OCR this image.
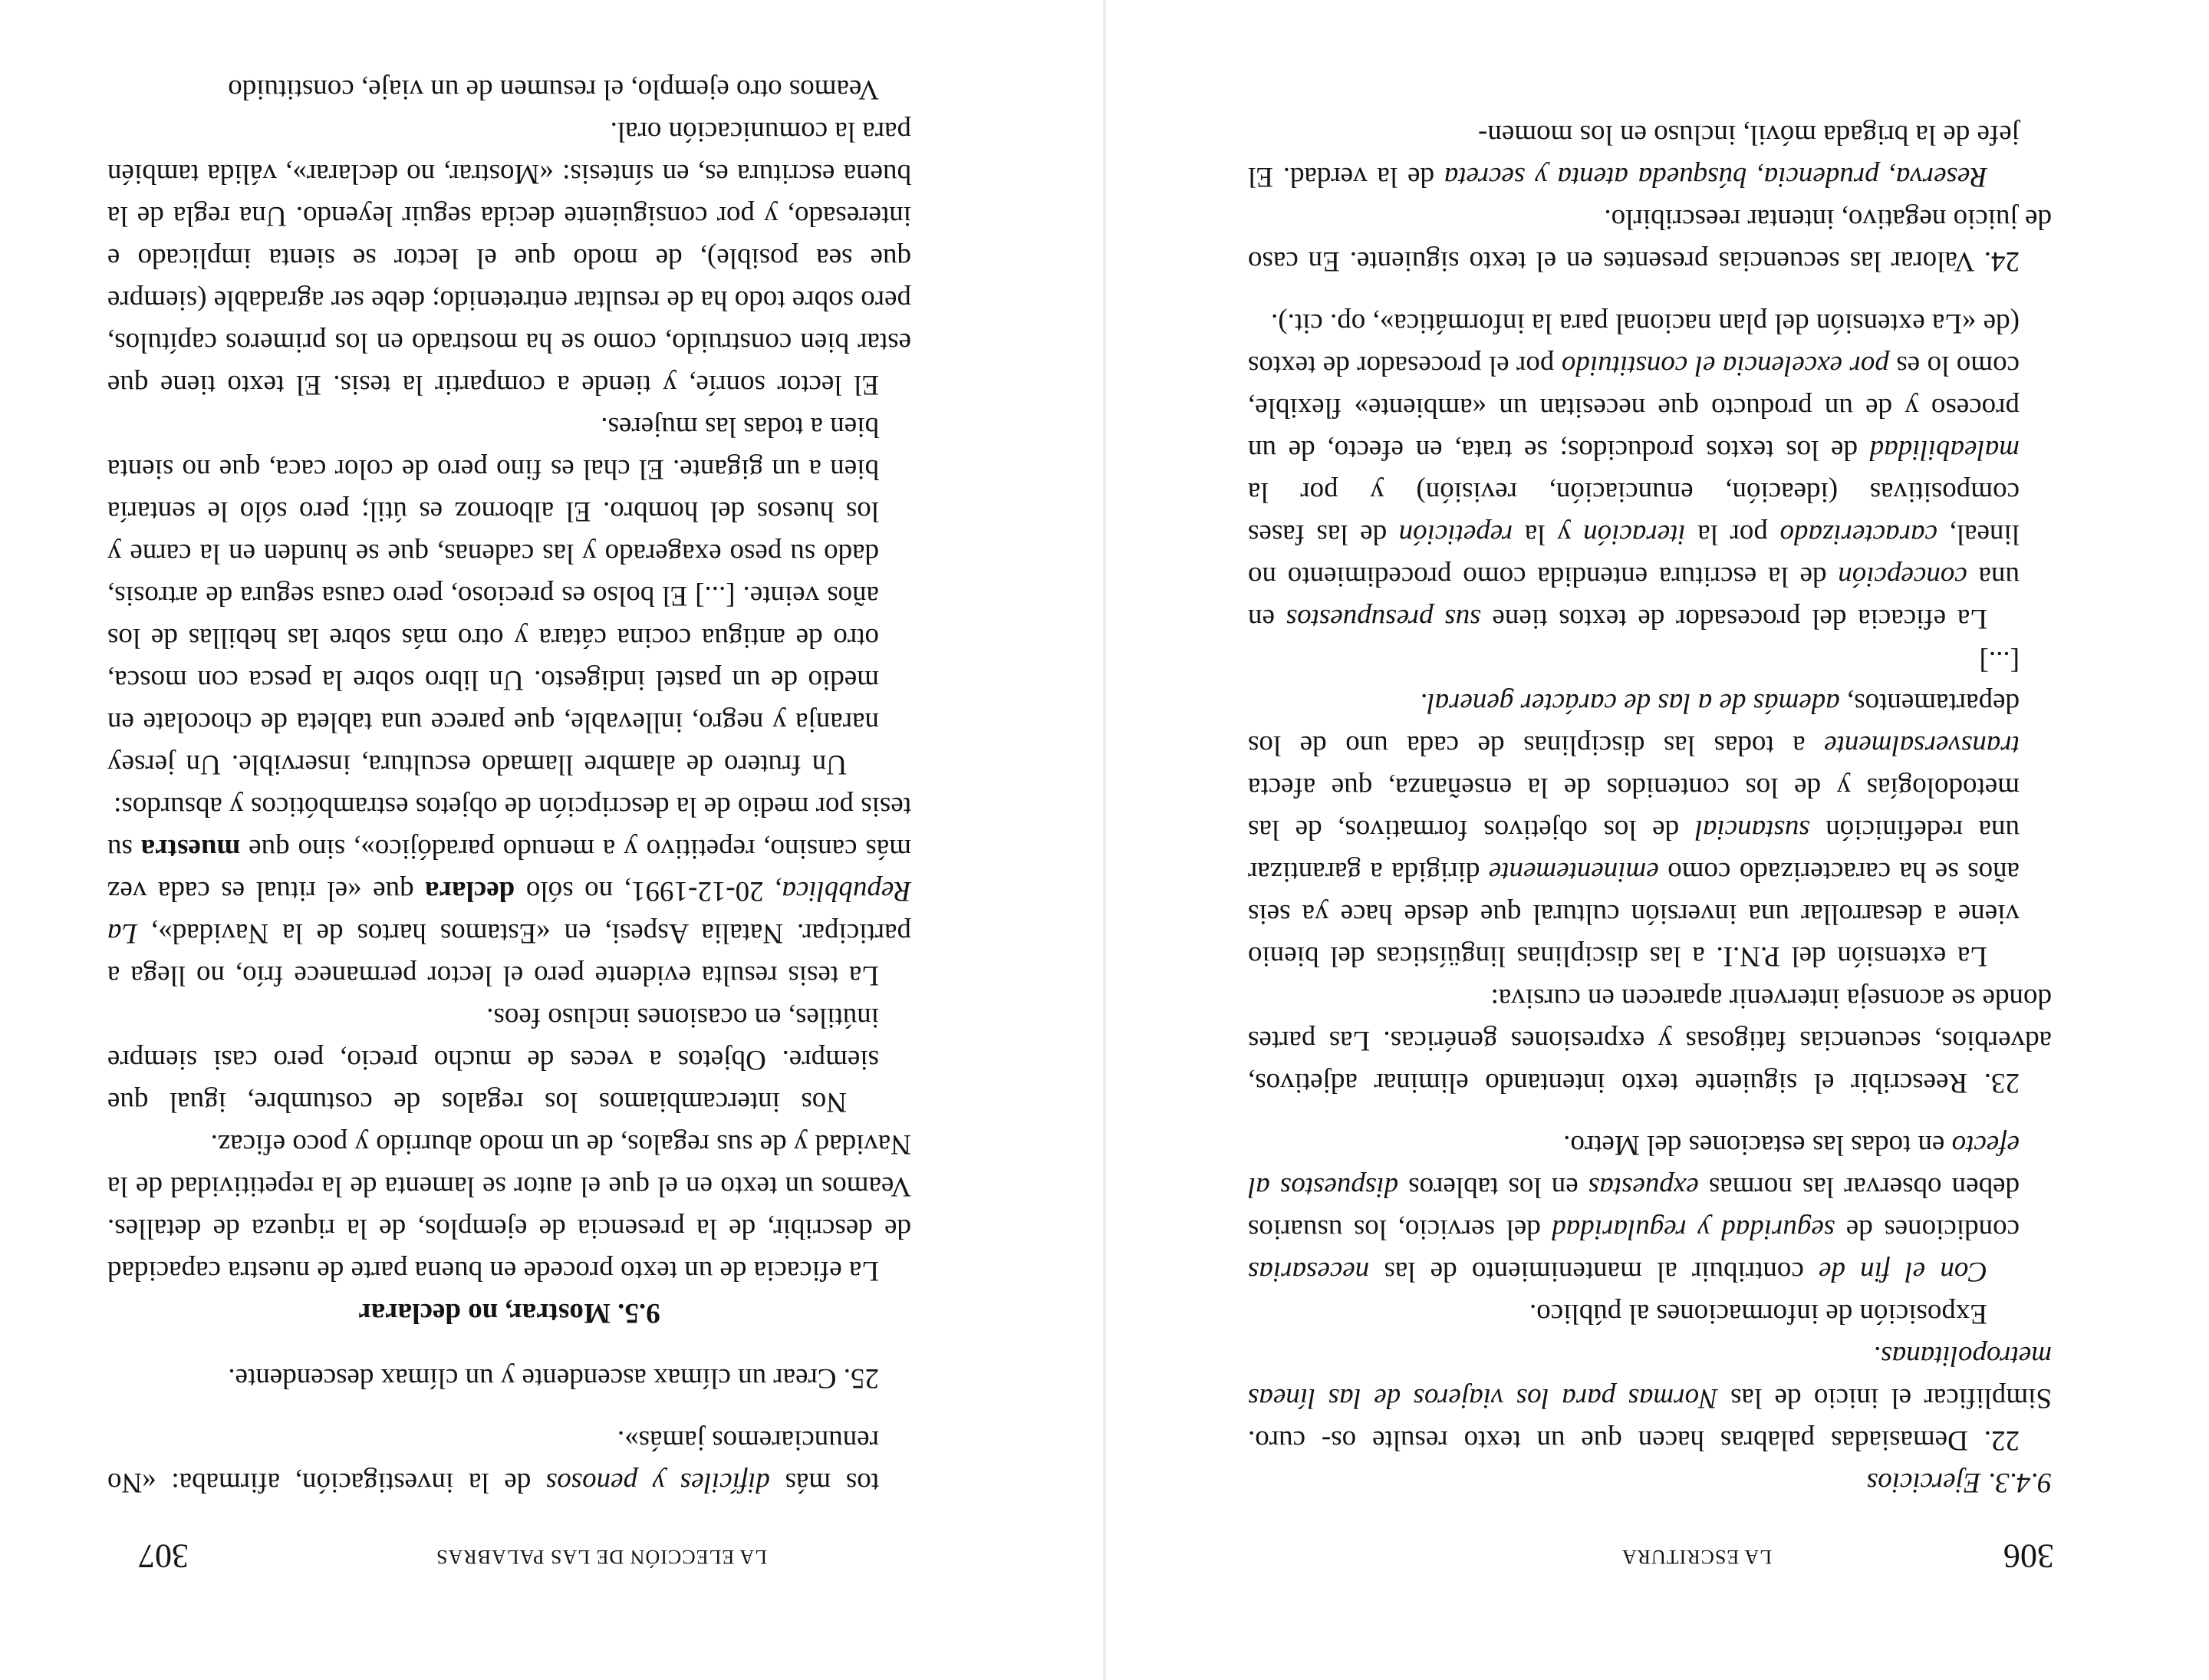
306
LA ESCRITURA

9.4.3. Ejercicios

22. Demasiadas palabras hacen que un texto resulte os- curo. Simplificar el inicio de las Normas para los viajeros de las líneas metropolitanas.

Exposición de informaciones al público.

Con el fin de contribuir al mantenimiento de las necesarias condiciones de seguridad y regularidad del servicio, los usuarios deben observar las normas expuestas en los tableros dispuestos al efecto en todas las estaciones del Metro.

23. Reescribir el siguiente texto intentando eliminar adjetivos, adverbios, secuencias fatigosas y expresiones genéricas. Las partes donde se aconseja intervenir aparecen en cursiva:

La extensión del P.N.I. a las disciplinas lingüísticas del bienio viene a desarrollar una inversión cultural que desde hace ya seis años se ha caracterizado como eminentemente dirigida a garantizar una redefinición sustancial de los objetivos formativos, de las metodologías y de los contenidos de la enseñanza, que afecta transversalmente a todas las disciplinas de cada uno de los departamentos, además de a las de carácter general.

[...]

La eficacia del procesador de textos tiene sus presupuestos en una concepción de la escritura entendida como procedimiento no lineal, caracterizado por la iteración y la repetición de las fases compositivas (ideación, enunciación, revisión) y por la maleabilidad de los textos producidos; se trata, en efecto, de un proceso y de un producto que necesitan un «ambiente» flexible, como lo es por excelencia el constituido por el procesador de textos (de «La extensión del plan nacional para la informática», op. cit.).

24. Valorar las secuencias presentes en el texto siguiente. En caso de juicio negativo, intentar reescribirlo.

Reserva, prudencia, búsqueda atenta y secreta de la verdad. El jefe de la brigada móvil, incluso en los momen-

LA ELECCIÓN DE LAS PALABRAS
307

tos más difíciles y penosos de la investigación, afirmaba: «No renunciaremos jamás».

25. Crear un clímax ascendente y un clímax descendente.

9.5. Mostrar, no declarar

La eficacia de un texto procede en buena parte de nuestra capacidad de describir, de la presencia de ejemplos, de la riqueza de detalles. Veamos un texto en el que el autor se lamenta de la repetitividad de la Navidad y de sus regalos, de un modo aburrido y poco eficaz.

Nos intercambiamos los regalos de costumbre, igual que siempre. Objetos a veces de mucho precio, pero casi siempre inútiles, en ocasiones incluso feos.

La tesis resulta evidente pero el lector permanece frío, no llega a participar. Natalia Aspesi, en «Estamos hartos de la Navidad», La Repubblica, 20-12-1991, no sólo declara que «el ritual es cada vez más cansino, repetitivo y a menudo paradójico», sino que muestra su tesis por medio de la descripción de objetos estrambóticos y absurdos:

Un frutero de alambre llamado escultura, inservible. Un jersey naranja y negro, inllevable, que parece una tableta de chocolate en medio de un pastel indigesto. Un libro sobre la pesca con mosca, otro de antigua cocina cátara y otro más sobre las hebillas de los años veinte. [...] El bolso es precioso, pero causa segura de artrosis, dado su peso exagerado y las cadenas, que se hunden en la carne y los huesos del hombro. El albornoz es útil; pero sólo le sentaría bien a un gigante. El chal es fino pero de color caca, que no sienta bien a todas las mujeres.

El lector sonríe, y tiende a compartir la tesis. El texto tiene que estar bien construido, como se ha mostrado en los primeros capítulos, pero sobre todo ha de resultar entretenido; debe ser agradable (siempre que sea posible), de modo que el lector se sienta implicado e interesado, y por consiguiente decida seguir leyendo. Una regla de la buena escritura es, en síntesis: «Mostrar, no declarar», válida también para la comunicación oral.

Veamos otro ejemplo, el resumen de un viaje, constituido
